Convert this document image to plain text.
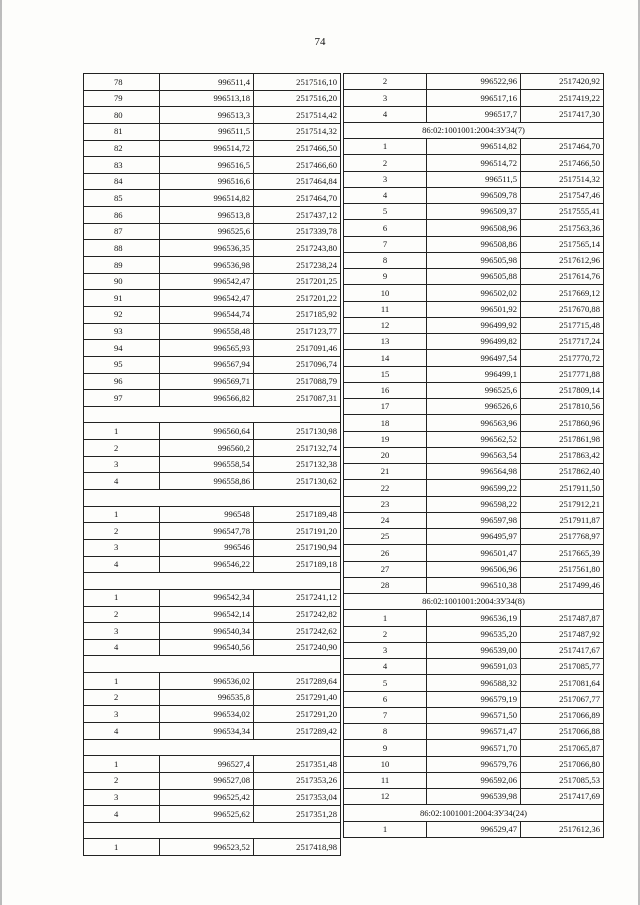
74
78	996511,4	2517516,10
79	996513,18	2517516,20
80	996513,3	2517514,42
81	996511,5	2517514,32
82	996514,72	2517466,50
83	996516,5	2517466,60
84	996516,6	2517464,84
85	996514,82	2517464,70
86	996513,8	2517437,12
87	996525,6	2517339,78
88	996536,35	2517243,80
89	996536,98	2517238,24
90	996542,47	2517201,25
91	996542,47	2517201,22
92	996544,74	2517185,92
93	996558,48	2517123,77
94	996565,93	2517091,46
95	996567,94	2517096,74
96	996569,71	2517088,79
97	996566,82	2517087,31

1	996560,64	2517130,98
2	996560,2	2517132,74
3	996558,54	2517132,38
4	996558,86	2517130,62

1	996548	2517189,48
2	996547,78	2517191,20
3	996546	2517190,94
4	996546,22	2517189,18

1	996542,34	2517241,12
2	996542,14	2517242,82
3	996540,34	2517242,62
4	996540,56	2517240,90

1	996536,02	2517289,64
2	996535,8	2517291,40
3	996534,02	2517291,20
4	996534,34	2517289,42

1	996527,4	2517351,48
2	996527,08	2517353,26
3	996525,42	2517353,04
4	996525,62	2517351,28

1	996523,52	2517418,98
2	996522,96	2517420,92
3	996517,16	2517419,22
4	996517,7	2517417,30
86:02:1001001:2004:ЗУ34(7)		
1	996514,82	2517464,70
2	996514,72	2517466,50
3	996511,5	2517514,32
4	996509,78	2517547,46
5	996509,37	2517555,41
6	996508,96	2517563,36
7	996508,86	2517565,14
8	996505,98	2517612,96
9	996505,88	2517614,76
10	996502,02	2517669,12
11	996501,92	2517670,88
12	996499,92	2517715,48
13	996499,82	2517717,24
14	996497,54	2517770,72
15	996499,1	2517771,88
16	996525,6	2517809,14
17	996526,6	2517810,56
18	996563,96	2517860,96
19	996562,52	2517861,98
20	996563,54	2517863,42
21	996564,98	2517862,40
22	996599,22	2517911,50
23	996598,22	2517912,21
24	996597,98	2517911,87
25	996495,97	2517768,97
26	996501,47	2517665,39
27	996506,96	2517561,80
28	996510,38	2517499,46
86:02:1001001:2004:ЗУ34(8)		
1	996536,19	2517487,87
2	996535,20	2517487,92
3	996539,00	2517417,67
4	996591,03	2517085,77
5	996588,32	2517081,64
6	996579,19	2517067,77
7	996571,50	2517066,89
8	996571,47	2517066,88
9	996571,70	2517065,87
10	996579,76	2517066,80
11	996592,06	2517085,53
12	996539,98	2517417,69
86:02:1001001:2004:ЗУ34(24)		
1	996529,47	2517612,36
